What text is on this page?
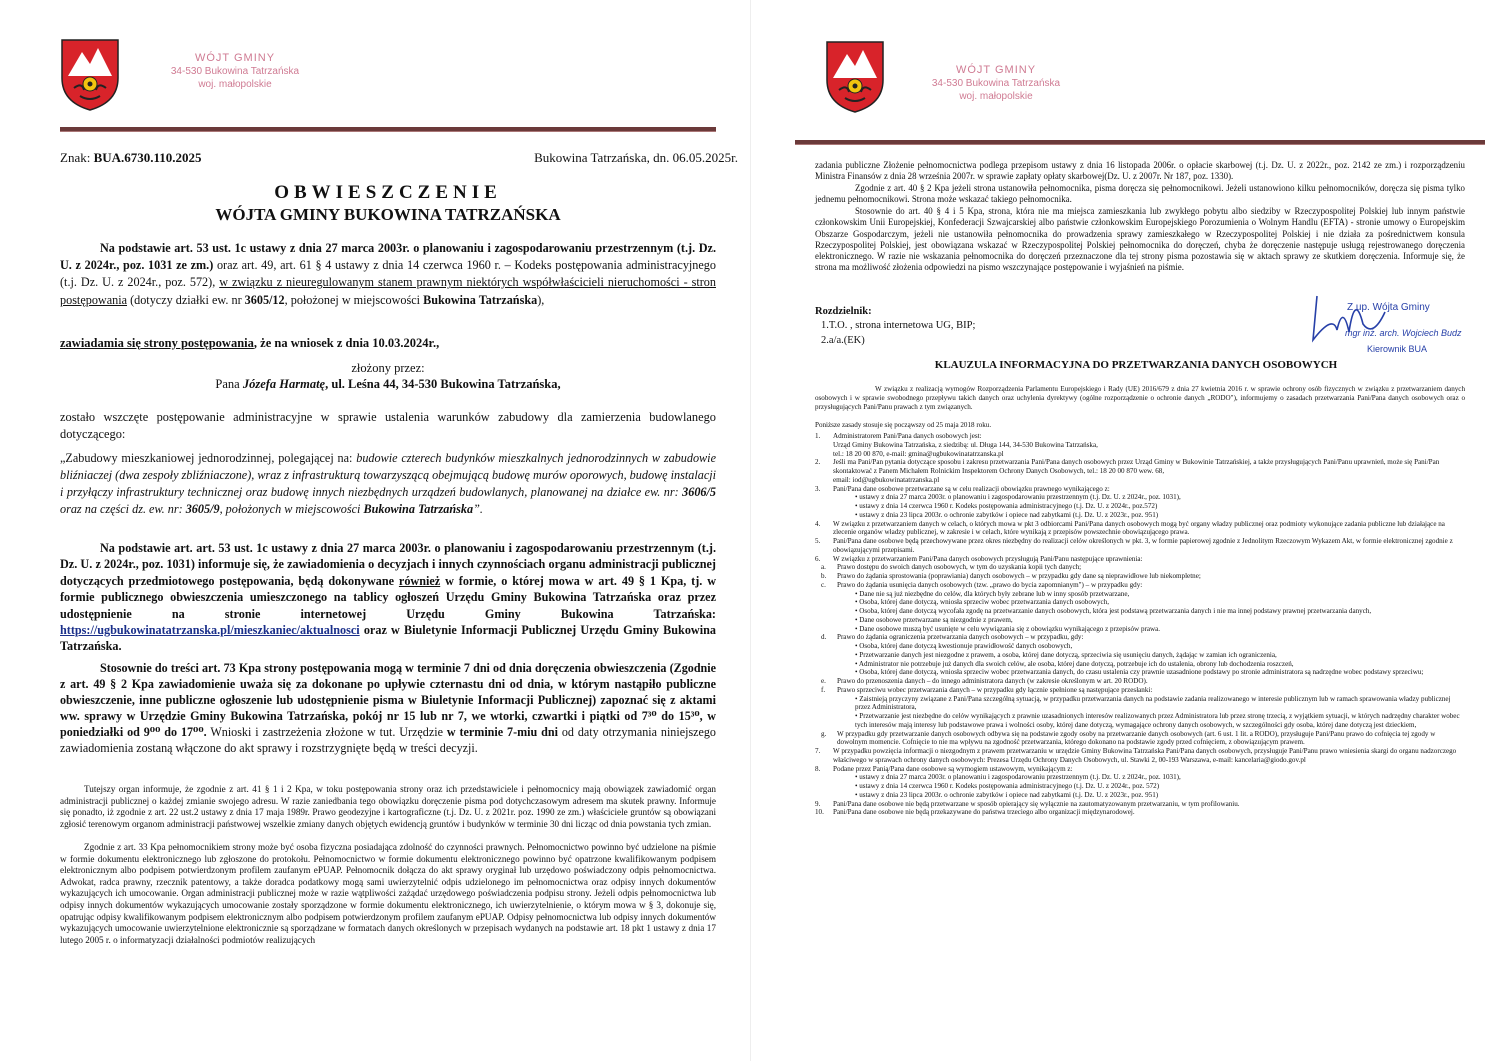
WÓJT GMINY
34-530 Bukowina Tatrzańska
woj. małopolskie
Znak: BUA.6730.110.2025	Bukowina Tatrzańska, dn. 06.05.2025r.
OBWIESZCZENIE
WÓJTA GMINY BUKOWINA TATRZAŃSKA
Na podstawie art. 53 ust. 1c ustawy z dnia 27 marca 2003r. o planowaniu i zagospodarowaniu przestrzennym (t.j. Dz. U. z 2024r., poz. 1031 ze zm.) oraz art. 49, art. 61 § 4 ustawy z dnia 14 czerwca 1960 r. – Kodeks postępowania administracyjnego (t.j. Dz. U. z 2024r., poz. 572), w związku z nieuregulowanym stanem prawnym niektórych współwłaścicieli nieruchomości - stron postępowania (dotyczy działki ew. nr 3605/12, położonej w miejscowości Bukowina Tatrzańska),
zawiadamia się strony postępowania, że na wniosek z dnia 10.03.2024r.,
złożony przez:
Pana Józefa Harmatę, ul. Leśna 44, 34-530 Bukowina Tatrzańska,
zostało wszczęte postępowanie administracyjne w sprawie ustalenia warunków zabudowy dla zamierzenia budowlanego dotyczącego:
„Zabudowy mieszkaniowej jednorodzinnej, polegającej na: budowie czterech budynków mieszkalnych jednorodzinnych w zabudowie bliźniaczej (dwa zespoły zbliźniaczone), wraz z infrastrukturą towarzyszącą obejmującą budowę murów oporowych, budowę instalacji i przyłączy infrastruktury technicznej oraz budowę innych niezbędnych urządzeń budowlanych, planowanej na działce ew. nr: 3606/5 oraz na części dz. ew. nr: 3605/9, położonych w miejscowości Bukowina Tatrzańska”.
Na podstawie art. art. 53 ust. 1c ustawy z dnia 27 marca 2003r. o planowaniu i zagospodarowaniu przestrzennym (t.j. Dz. U. z 2024r., poz. 1031) informuje się, że zawiadomienia o decyzjach i innych czynnościach organu administracji publicznej dotyczących przedmiotowego postępowania, będą dokonywane również w formie, o której mowa w art. 49 § 1 Kpa, tj. w formie publicznego obwieszczenia umieszczonego na tablicy ogłoszeń Urzędu Gminy Bukowina Tatrzańska oraz przez udostępnienie na stronie internetowej Urzędu Gminy Bukowina Tatrzańska: https://ugbukowinatatrzanska.pl/mieszkaniec/aktualnosci oraz w Biuletynie Informacji Publicznej Urzędu Gminy Bukowina Tatrzańska.
Stosownie do treści art. 73 Kpa strony postępowania mogą w terminie 7 dni od dnia doręczenia obwieszczenia (Zgodnie z art. 49 § 2 Kpa zawiadomienie uważa się za dokonane po upływie czternastu dni od dnia, w którym nastąpiło publiczne obwieszczenie, inne publiczne ogłoszenie lub udostępnienie pisma w Biuletynie Informacji Publicznej) zapoznać się z aktami ww. sprawy w Urzędzie Gminy Bukowina Tatrzańska, pokój nr 15 lub nr 7, we wtorki, czwartki i piątki od 7³⁰ do 15³⁰, w poniedziałki od 9⁰⁰ do 17⁰⁰. Wnioski i zastrzeżenia złożone w tut. Urzędzie w terminie 7-miu dni od daty otrzymania niniejszego zawiadomienia zostaną włączone do akt sprawy i rozstrzygnięte będą w treści decyzji.
Tutejszy organ informuje, że zgodnie z art. 41 § 1 i 2 Kpa, w toku postępowania strony oraz ich przedstawiciele i pełnomocnicy mają obowiązek zawiadomić organ administracji publicznej o każdej zmianie swojego adresu. W razie zaniedbania tego obowiązku doręczenie pisma pod dotychczasowym adresem ma skutek prawny. Informuje się ponadto, iż zgodnie z art. 22 ust.2 ustawy z dnia 17 maja 1989r. Prawo geodezyjne i kartograficzne (t.j. Dz. U. z 2021r. poz. 1990 ze zm.) właściciele gruntów są obowiązani zgłosić terenowym organom administracji państwowej wszelkie zmiany danych objętych ewidencją gruntów i budynków w terminie 30 dni licząc od dnia powstania tych zmian.
Zgodnie z art. 33 Kpa pełnomocnikiem strony może być osoba fizyczna posiadająca zdolność do czynności prawnych. Pełnomocnictwo powinno być udzielone na piśmie w formie dokumentu elektronicznego lub zgłoszone do protokołu. Pełnomocnictwo w formie dokumentu elektronicznego powinno być opatrzone kwalifikowanym podpisem elektronicznym albo podpisem potwierdzonym profilem zaufanym ePUAP. Pełnomocnik dołącza do akt sprawy oryginał lub urzędowo poświadczony odpis pełnomocnictwa. Adwokat, radca prawny, rzecznik patentowy, a także doradca podatkowy mogą sami uwierzytelnić odpis udzielonego im pełnomocnictwa oraz odpisy innych dokumentów wykazujących ich umocowanie. Organ administracji publicznej może w razie wątpliwości zażądać urzędowego poświadczenia podpisu strony. Jeżeli odpis pełnomocnictwa lub odpisy innych dokumentów wykazujących umocowanie zostały sporządzone w formie dokumentu elektronicznego, ich uwierzytelnienie, o którym mowa w § 3, dokonuje się, opatrując odpisy kwalifikowanym podpisem elektronicznym albo podpisem potwierdzonym profilem zaufanym ePUAP. Odpisy pełnomocnictwa lub odpisy innych dokumentów wykazujących umocowanie uwierzytelnione elektronicznie są sporządzane w formatach danych określonych w przepisach wydanych na podstawie art. 18 pkt 1 ustawy z dnia 17 lutego 2005 r. o informatyzacji działalności podmiotów realizujących
WÓJT GMINY
34-530 Bukowina Tatrzańska
woj. małopolskie
zadania publiczne Złożenie pełnomocnictwa podlega przepisom ustawy z dnia 16 listopada 2006r. o opłacie skarbowej (t.j. Dz. U. z 2022r., poz. 2142 ze zm.) i rozporządzeniu Ministra Finansów z dnia 28 września 2007r. w sprawie zapłaty opłaty skarbowej(Dz. U. z 2007r. Nr 187, poz. 1330).
Zgodnie z art. 40 § 2 Kpa jeżeli strona ustanowiła pełnomocnika, pisma doręcza się pełnomocnikowi. Jeżeli ustanowiono kilku pełnomocników, doręcza się pisma tylko jednemu pełnomocnikowi. Strona może wskazać takiego pełnomocnika.
Stosownie do art. 40 § 4 i 5 Kpa, strona, która nie ma miejsca zamieszkania lub zwykłego pobytu albo siedziby w Rzeczypospolitej Polskiej lub innym państwie członkowskim Unii Europejskiej, Konfederacji Szwajcarskiej albo państwie członkowskim Europejskiego Porozumienia o Wolnym Handlu (EFTA) - stronie umowy o Europejskim Obszarze Gospodarczym, jeżeli nie ustanowiła pełnomocnika do prowadzenia sprawy zamieszkałego w Rzeczypospolitej Polskiej i nie działa za pośrednictwem konsula Rzeczypospolitej Polskiej, jest obowiązana wskazać w Rzeczypospolitej Polskiej pełnomocnika do doręczeń, chyba że doręczenie następuje usługą rejestrowanego doręczenia elektronicznego. W razie nie wskazania pełnomocnika do doręczeń przeznaczone dla tej strony pisma pozostawia się w aktach sprawy ze skutkiem doręczenia. Informuje się, że strona ma możliwość złożenia odpowiedzi na pismo wszczynające postępowanie i wyjaśnień na piśmie.
Rozdzielnik:
1.T.O. , strona internetowa UG, BIP;
2.a/a.(EK)
Z up. Wójta Gminy
mgr inż. arch. Wojciech Budz
Kierownik BUA
KLAUZULA INFORMACYJNA DO PRZETWARZANIA DANYCH OSOBOWYCH
W związku z realizacją wymogów Rozporządzenia Parlamentu Europejskiego i Rady (UE) 2016/679 z dnia 27 kwietnia 2016 r. w sprawie ochrony osób fizycznych w związku z przetwarzaniem danych osobowych i w sprawie swobodnego przepływu takich danych oraz uchylenia dyrektywy (ogólne rozporządzenie o ochronie danych „RODO"), informujemy o zasadach przetwarzania Pani/Pana danych osobowych oraz o przysługujących Pani/Panu prawach z tym związanych.
Poniższe zasady stosuje się począwszy od 25 maja 2018 roku.
1.	Administratorem Pani/Pana danych osobowych jest:
Urząd Gminy Bukowina Tatrzańska, z siedzibą: ul. Długa 144, 34-530 Bukowina Tatrzańska,
tel.: 18 20 00 870, e-mail: gmina@ugbukowinatatrzanska.pl
2.	Jeśli ma Pani/Pan pytania dotyczące sposobu i zakresu przetwarzania Pani/Pana danych osobowych przez Urząd Gminy w Bukowinie Tatrzańskiej, a także przysługujących Pani/Panu uprawnień, może się Pani/Pan skontaktować z Panem Michałem Rolnickim Inspektorem Ochrony Danych Osobowych, tel.: 18 20 00 870 wew. 68,
email: iod@ugbukowinatatrzanska.pl
3.	Pani/Pana dane osobowe przetwarzane są w celu realizacji obowiązku prawnego wynikającego z:
• ustawy z dnia 27 marca 2003r. o planowaniu i zagospodarowaniu przestrzennym (t.j. Dz. U. z 2024r., poz. 1031),
• ustawy z dnia 14 czerwca 1960 r. Kodeks postępowania administracyjnego (t.j. Dz. U. z 2024r., poz.572)
• ustawy z dnia 23 lipca 2003r. o ochronie zabytków i opiece nad zabytkami (t.j. Dz. U. z 2023r., poz. 951)
4.	W związku z przetwarzaniem danych w celach, o których mowa w pkt 3 odbiorcami Pani/Pana danych osobowych mogą być organy władzy publicznej oraz podmioty wykonujące zadania publiczne lub działające na zlecenie organów władzy publicznej, w zakresie i w celach, które wynikają z przepisów powszechnie obowiązującego prawa.
5.	Pani/Pana dane osobowe będą przechowywane przez okres niezbędny do realizacji celów określonych w pkt. 3, w formie papierowej zgodnie z Jednolitym Rzeczowym Wykazem Akt, w formie elektronicznej zgodnie z obowiązującymi przepisami.
6.	W związku z przetwarzaniem Pani/Pana danych osobowych przysługują Pani/Panu następujące uprawnienia:
a.	Prawo dostępu do swoich danych osobowych, w tym do uzyskania kopii tych danych;
b.	Prawo do żądania sprostowania (poprawiania) danych osobowych – w przypadku gdy dane są nieprawidłowe lub niekompletne;
c.	Prawo do żądania usunięcia danych osobowych (tzw. „prawo do bycia zapomnianym") – w przypadku gdy:
• Dane nie są już niezbędne do celów, dla których były zebrane lub w inny sposób przetwarzane,
• Osoba, której dane dotyczą, wniosła sprzeciw wobec przetwarzania danych osobowych,
• Osoba, której dane dotyczą wycofała zgodę na przetwarzanie danych osobowych, która jest podstawą przetwarzania danych i nie ma innej podstawy prawnej przetwarzania danych,
• Dane osobowe przetwarzane są niezgodnie z prawem,
• Dane osobowe muszą być usunięte w celu wywiązania się z obowiązku wynikającego z przepisów prawa.
d.	Prawo do żądania ograniczenia przetwarzania danych osobowych – w przypadku, gdy:
• Osoba, której dane dotyczą kwestionuje prawidłowość danych osobowych,
• Przetwarzanie danych jest niezgodne z prawem, a osoba, której dane dotyczą, sprzeciwia się usunięciu danych, żądając w zamian ich ograniczenia,
• Administrator nie potrzebuje już danych dla swoich celów, ale osoba, której dane dotyczą, potrzebuje ich do ustalenia, obrony lub dochodzenia roszczeń,
• Osoba, której dane dotyczą, wniosła sprzeciw wobec przetwarzania danych, do czasu ustalenia czy prawnie uzasadnione podstawy po stronie administratora są nadrzędne wobec podstawy sprzeciwu;
e.	Prawo do przenoszenia danych – do innego administratora danych (w zakresie określonym w art. 20 RODO).
f.	Prawo sprzeciwu wobec przetwarzania danych – w przypadku gdy łącznie spełnione są następujące przesłanki:
• Zaistnieją przyczyny związane z Pani/Pana szczególną sytuacją, w przypadku przetwarzania danych na podstawie zadania realizowanego w interesie publicznym lub w ramach sprawowania władzy publicznej przez Administratora,
• Przetwarzanie jest niezbędne do celów wynikających z prawnie uzasadnionych interesów realizowanych przez Administratora lub przez stronę trzecią, z wyjątkiem sytuacji, w których nadrzędny charakter wobec tych interesów mają interesy lub podstawowe prawa i wolności osoby, której dane dotyczą, wymagające ochrony danych osobowych, w szczególności gdy osoba, której dane dotyczą jest dzieckiem,
g.	W przypadku gdy przetwarzanie danych osobowych odbywa się na podstawie zgody osoby na przetwarzanie danych osobowych (art. 6 ust. 1 lit. a RODO), przysługuje Pani/Panu prawo do cofnięcia tej zgody w dowolnym momencie. Cofnięcie to nie ma wpływu na zgodność przetwarzania, którego dokonano na podstawie zgody przed cofnięciem, z obowiązującym prawem.
7.	W przypadku powzięcia informacji o niezgodnym z prawem przetwarzaniu w urzędzie Gminy Bukowina Tatrzańska Pani/Pana danych osobowych, przysługuje Pani/Panu prawo wniesienia skargi do organu nadzorczego właściwego w sprawach ochrony danych osobowych: Prezesa Urzędu Ochrony Danych Osobowych, ul. Stawki 2, 00-193 Warszawa, e-mail: kancelaria@giodo.gov.pl
8.	Podane przez Panią/Pana dane osobowe są wymogiem ustawowym, wynikającym z:
• ustawy z dnia 27 marca 2003r. o planowaniu i zagospodarowaniu przestrzennym (t.j. Dz. U. z 2024r., poz. 1031),
• ustawy z dnia 14 czerwca 1960 r. Kodeks postępowania administracyjnego (t.j. Dz. U. z 2024r., poz. 572)
• ustawy z dnia 23 lipca 2003r. o ochronie zabytków i opiece nad zabytkami (t.j. Dz. U. z 2023r., poz. 951)
9.	Pani/Pana dane osobowe nie będą przetwarzane w sposób opierający się wyłącznie na zautomatyzowanym przetwarzaniu, w tym profilowaniu.
10.	Pani/Pana dane osobowe nie będą przekazywane do państwa trzeciego albo organizacji międzynarodowej.
